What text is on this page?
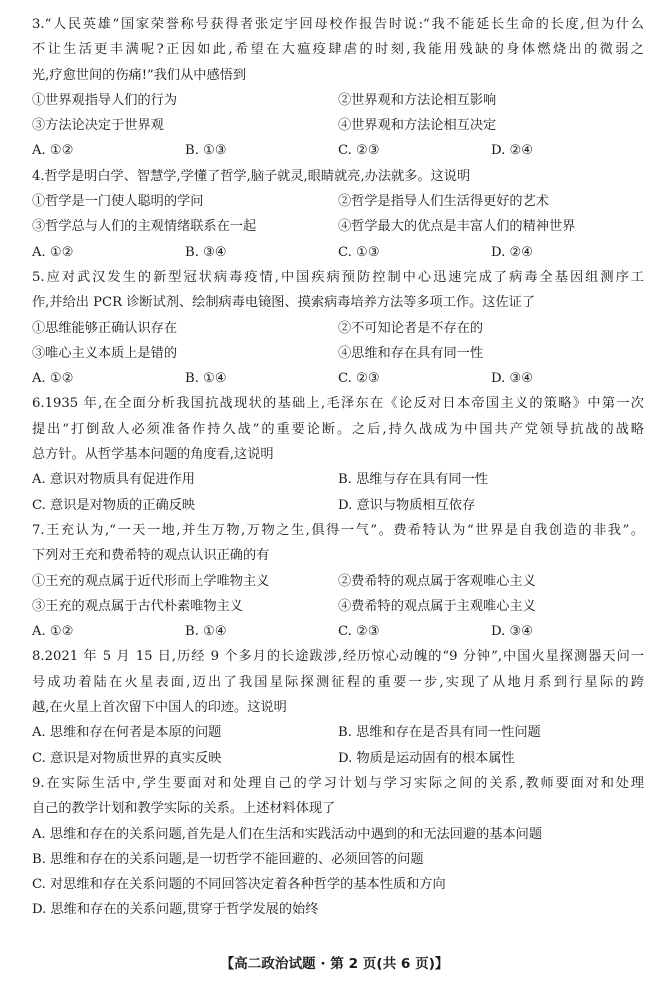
3.“人民英雄”国家荣誉称号获得者张定宇回母校作报告时说:“我不能延长生命的长度,但为什么
不让生活更丰满呢?正因如此,希望在大瘟疫肆虐的时刻,我能用残缺的身体燃烧出的微弱之
光,疗愈世间的伤痛!”我们从中感悟到
①世界观指导人们的行为	②世界观和方法论相互影响
③方法论决定于世界观	④世界观和方法论相互决定
A. ①②	B. ①③	C. ②③	D. ②④
4.哲学是明白学、智慧学,学懂了哲学,脑子就灵,眼睛就亮,办法就多。这说明
①哲学是一门使人聪明的学问	②哲学是指导人们生活得更好的艺术
③哲学总与人们的主观情绪联系在一起	④哲学最大的优点是丰富人们的精神世界
A. ①②	B. ③④	C. ①③	D. ②④
5.应对武汉发生的新型冠状病毒疫情,中国疾病预防控制中心迅速完成了病毒全基因组测序工
作,并给出 PCR 诊断试剂、绘制病毒电镜图、摸索病毒培养方法等多项工作。这佐证了
①思维能够正确认识存在	②不可知论者是不存在的
③唯心主义本质上是错的	④思维和存在具有同一性
A. ①②	B. ①④	C. ②③	D. ③④
6.1935 年,在全面分析我国抗战现状的基础上,毛泽东在《论反对日本帝国主义的策略》中第一次
提出“打倒敌人必须准备作持久战”的重要论断。之后,持久战成为中国共产党领导抗战的战略
总方针。从哲学基本问题的角度看,这说明
A. 意识对物质具有促进作用	B. 思维与存在具有同一性
C. 意识是对物质的正确反映	D. 意识与物质相互依存
7.王充认为,“一天一地,并生万物,万物之生,俱得一气”。费希特认为“世界是自我创造的非我”。
下列对王充和费希特的观点认识正确的有
①王充的观点属于近代形而上学唯物主义	②费希特的观点属于客观唯心主义
③王充的观点属于古代朴素唯物主义	④费希特的观点属于主观唯心主义
A. ①②	B. ①④	C. ②③	D. ③④
8.2021 年 5 月 15 日,历经 9 个多月的长途跋涉,经历惊心动魄的“9 分钟”,中国火星探测器天问一
号成功着陆在火星表面,迈出了我国星际探测征程的重要一步,实现了从地月系到行星际的跨
越,在火星上首次留下中国人的印迹。这说明
A. 思维和存在何者是本原的问题	B. 思维和存在是否具有同一性问题
C. 意识是对物质世界的真实反映	D. 物质是运动固有的根本属性
9.在实际生活中,学生要面对和处理自己的学习计划与学习实际之间的关系,教师要面对和处理
自己的教学计划和教学实际的关系。上述材料体现了
A. 思维和存在的关系问题,首先是人们在生活和实践活动中遇到的和无法回避的基本问题
B. 思维和存在的关系问题,是一切哲学不能回避的、必须回答的问题
C. 对思维和存在关系问题的不同回答决定着各种哲学的基本性质和方向
D. 思维和存在的关系问题,贯穿于哲学发展的始终
【高二政治试题 · 第 2 页(共 6 页)】
